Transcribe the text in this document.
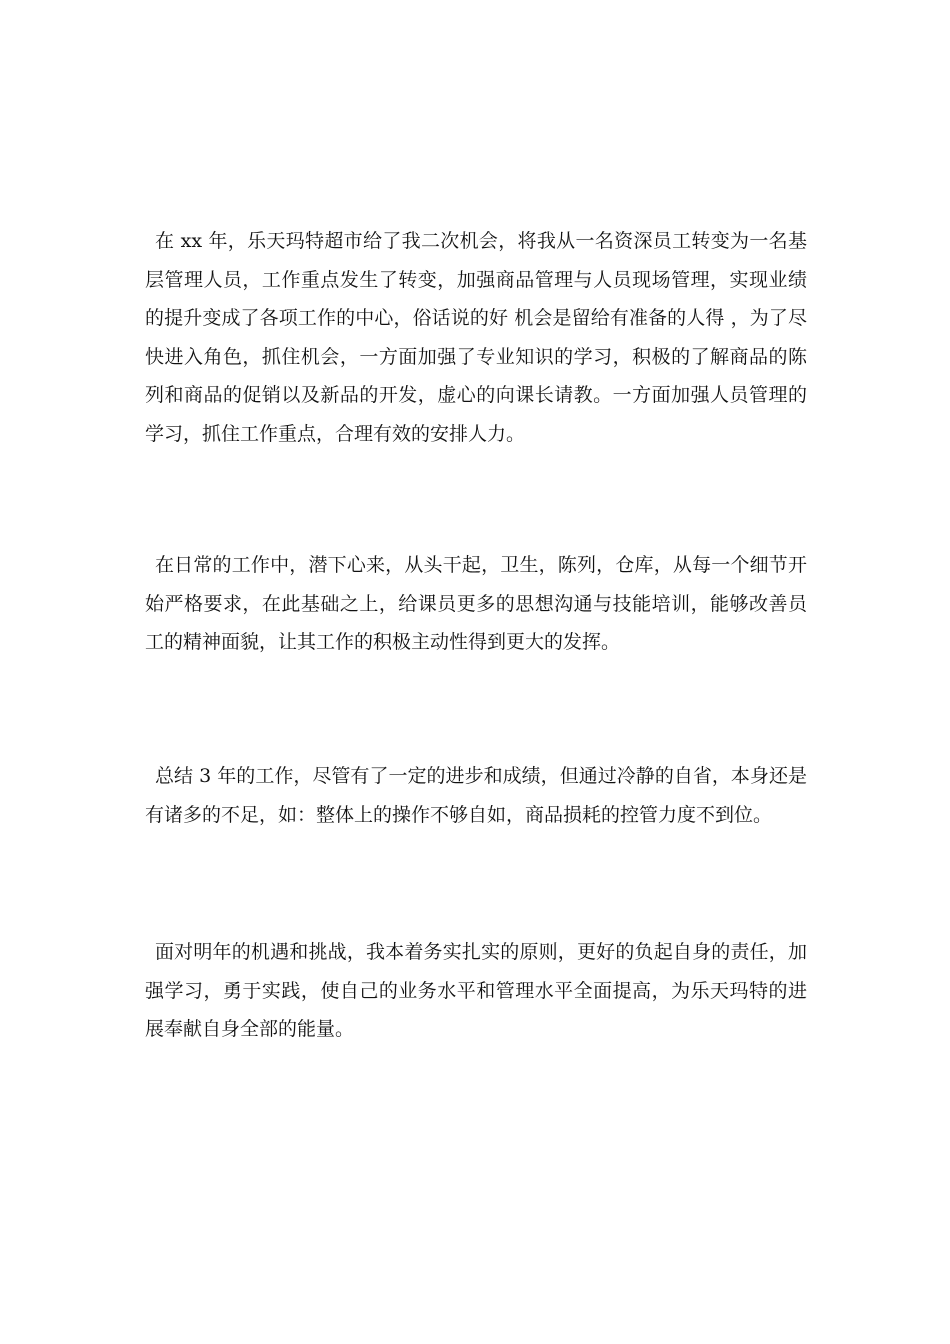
在 xx 年，乐天玛特超市给了我二次机会，将我从一名资深员工转变为一名基层管理人员，工作重点发生了转变，加强商品管理与人员现场管理，实现业绩的提升变成了各项工作的中心，俗话说的好 机会是留给有准备的人得 ，为了尽快进入角色，抓住机会，一方面加强了专业知识的学习，积极的了解商品的陈列和商品的促销以及新品的开发，虚心的向课长请教。一方面加强人员管理的学习，抓住工作重点，合理有效的安排人力。

在日常的工作中，潜下心来，从头干起，卫生，陈列，仓库，从每一个细节开始严格要求，在此基础之上，给课员更多的思想沟通与技能培训，能够改善员工的精神面貌，让其工作的积极主动性得到更大的发挥。

总结 3 年的工作，尽管有了一定的进步和成绩，但通过冷静的自省，本身还是有诸多的不足，如：整体上的操作不够自如，商品损耗的控管力度不到位。

面对明年的机遇和挑战，我本着务实扎实的原则，更好的负起自身的责任，加强学习，勇于实践，使自己的业务水平和管理水平全面提高，为乐天玛特的进展奉献自身全部的能量。
